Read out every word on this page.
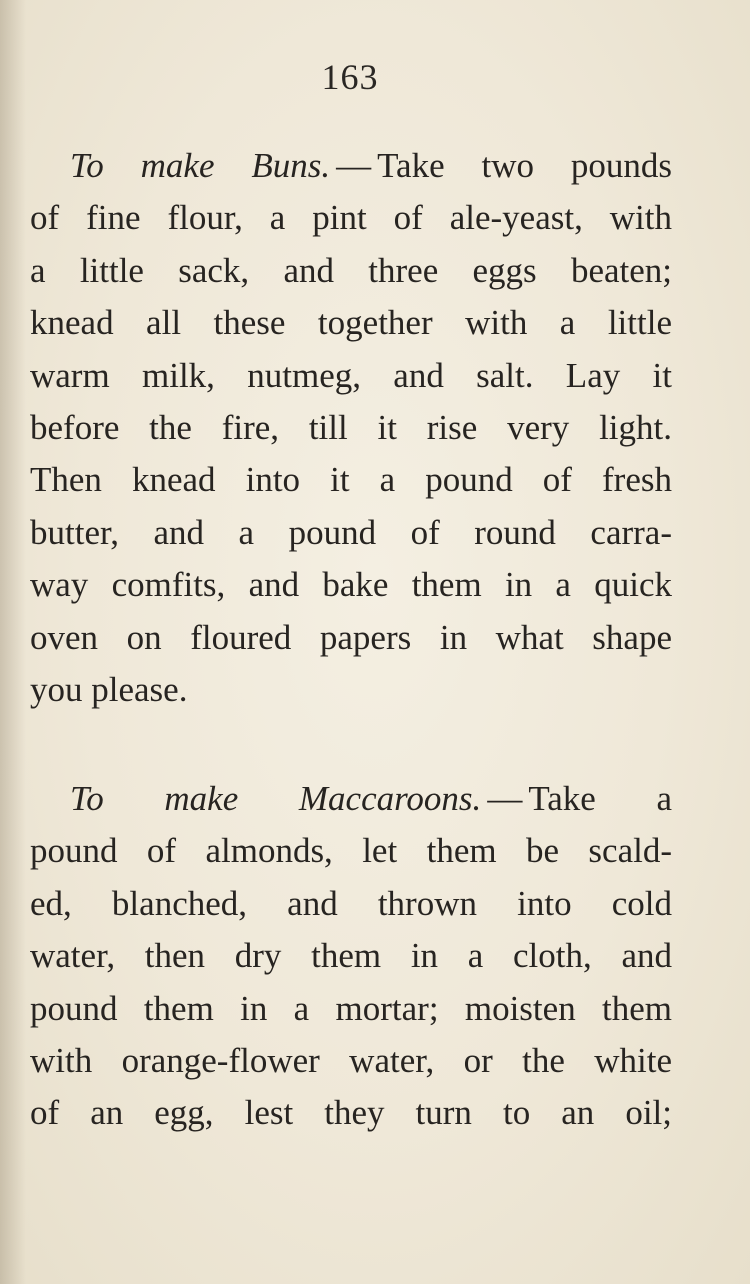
163
To make Buns. — Take two pounds
of fine flour, a pint of ale-yeast, with
a little sack, and three eggs beaten;
knead all these together with a little
warm milk, nutmeg, and salt. Lay it
before the fire, till it rise very light.
Then knead into it a pound of fresh
butter, and a pound of round carra-
way comfits, and bake them in a quick
oven on floured papers in what shape
you please.
To make Maccaroons. — Take a
pound of almonds, let them be scald-
ed, blanched, and thrown into cold
water, then dry them in a cloth, and
pound them in a mortar; moisten them
with orange-flower water, or the white
of an egg, lest they turn to an oil;
